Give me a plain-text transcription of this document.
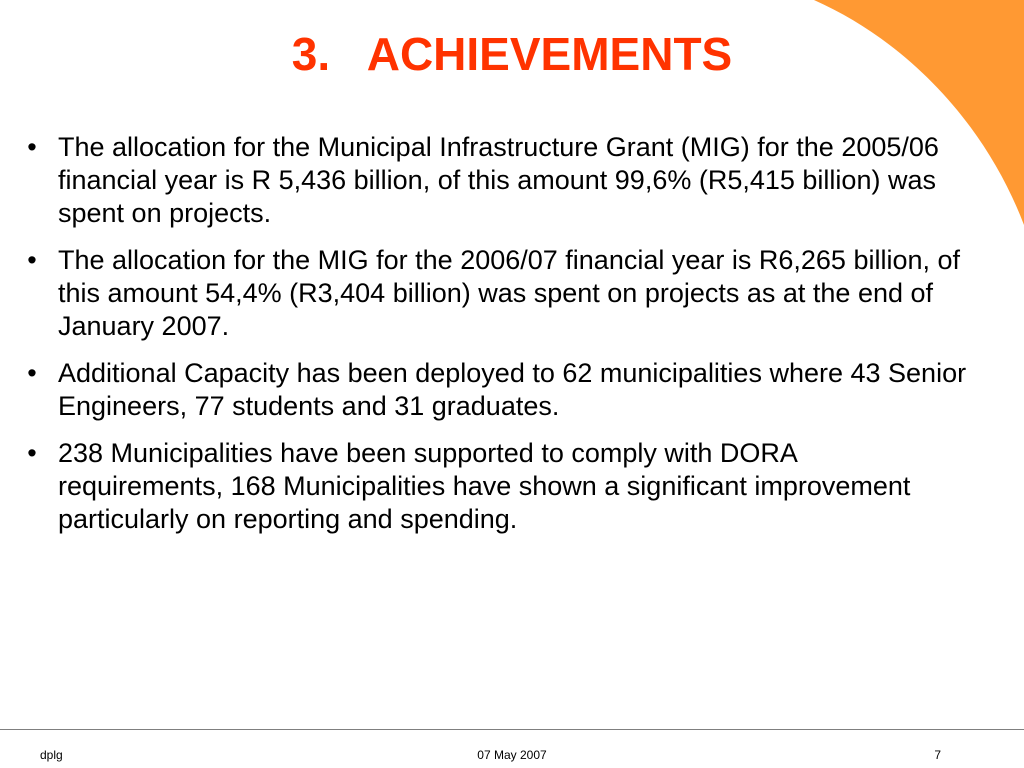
3.   ACHIEVEMENTS
• The allocation for the Municipal Infrastructure Grant (MIG) for the 2005/06 financial year is R 5,436 billion, of this amount 99,6% (R5,415 billion) was spent on projects.
• The allocation for the MIG for the 2006/07 financial year is R6,265 billion, of this amount 54,4% (R3,404 billion) was spent on projects as at the end of January 2007.
• Additional Capacity has been deployed to 62 municipalities where 43 Senior Engineers, 77 students and 31 graduates.
• 238 Municipalities have been supported to comply with DORA requirements, 168 Municipalities have shown a significant improvement particularly on reporting and spending.
dplg	07 May 2007	7
